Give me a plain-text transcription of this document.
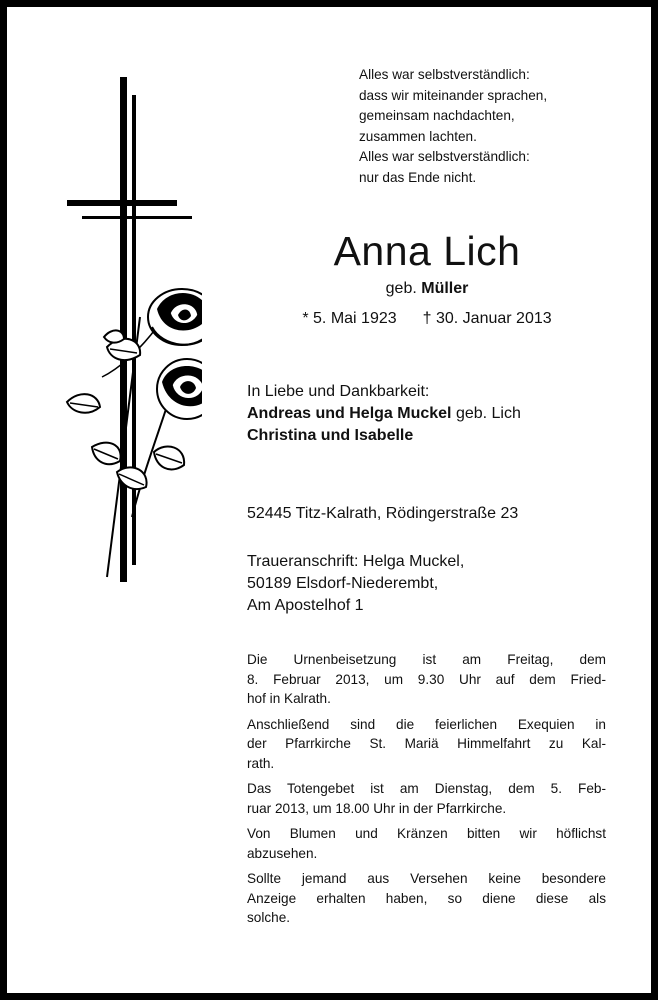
Alles war selbstverständlich:
dass wir miteinander sprachen,
gemeinsam nachdachten,
zusammen lachten.
Alles war selbstverständlich:
nur das Ende nicht.
Anna Lich
geb. Müller
* 5. Mai 1923 † 30. Januar 2013
In Liebe und Dankbarkeit:
Andreas und Helga Muckel geb. Lich
Christina und Isabelle
52445 Titz-Kalrath, Rödingerstraße 23
Traueranschrift: Helga Muckel,
50189 Elsdorf-Niederembt,
Am Apostelhof 1

Die Urnenbeisetzung ist am Freitag, dem
8. Februar 2013, um 9.30 Uhr auf dem Fried-
hof in Kalrath.

Anschließend sind die feierlichen Exequien in
der Pfarrkirche St. Mariä Himmelfahrt zu Kal-
rath.

Das Totengebet ist am Dienstag, dem 5. Feb-
ruar 2013, um 18.00 Uhr in der Pfarrkirche.

Von Blumen und Kränzen bitten wir höflichst
abzusehen.

Sollte jemand aus Versehen keine besondere
Anzeige erhalten haben, so diene diese als
solche.
